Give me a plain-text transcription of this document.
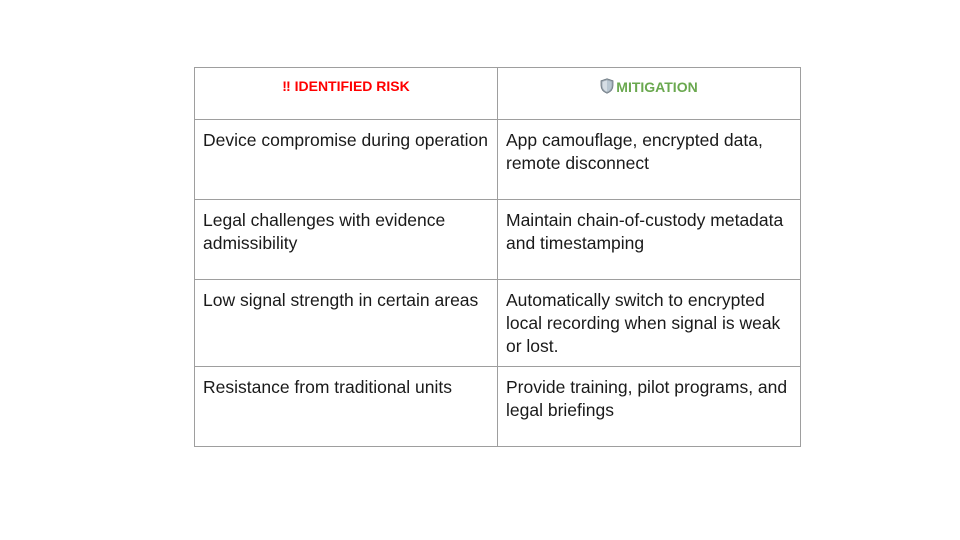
‼ IDENTIFIED RISK	MITIGATION
Device compromise during operation	App camouflage, encrypted data, remote disconnect
Legal challenges with evidence admissibility	Maintain chain-of-custody metadata and timestamping
Low signal strength in certain areas	Automatically switch to encrypted local recording when signal is weak or lost.
Resistance from traditional units	Provide training, pilot programs, and legal briefings
